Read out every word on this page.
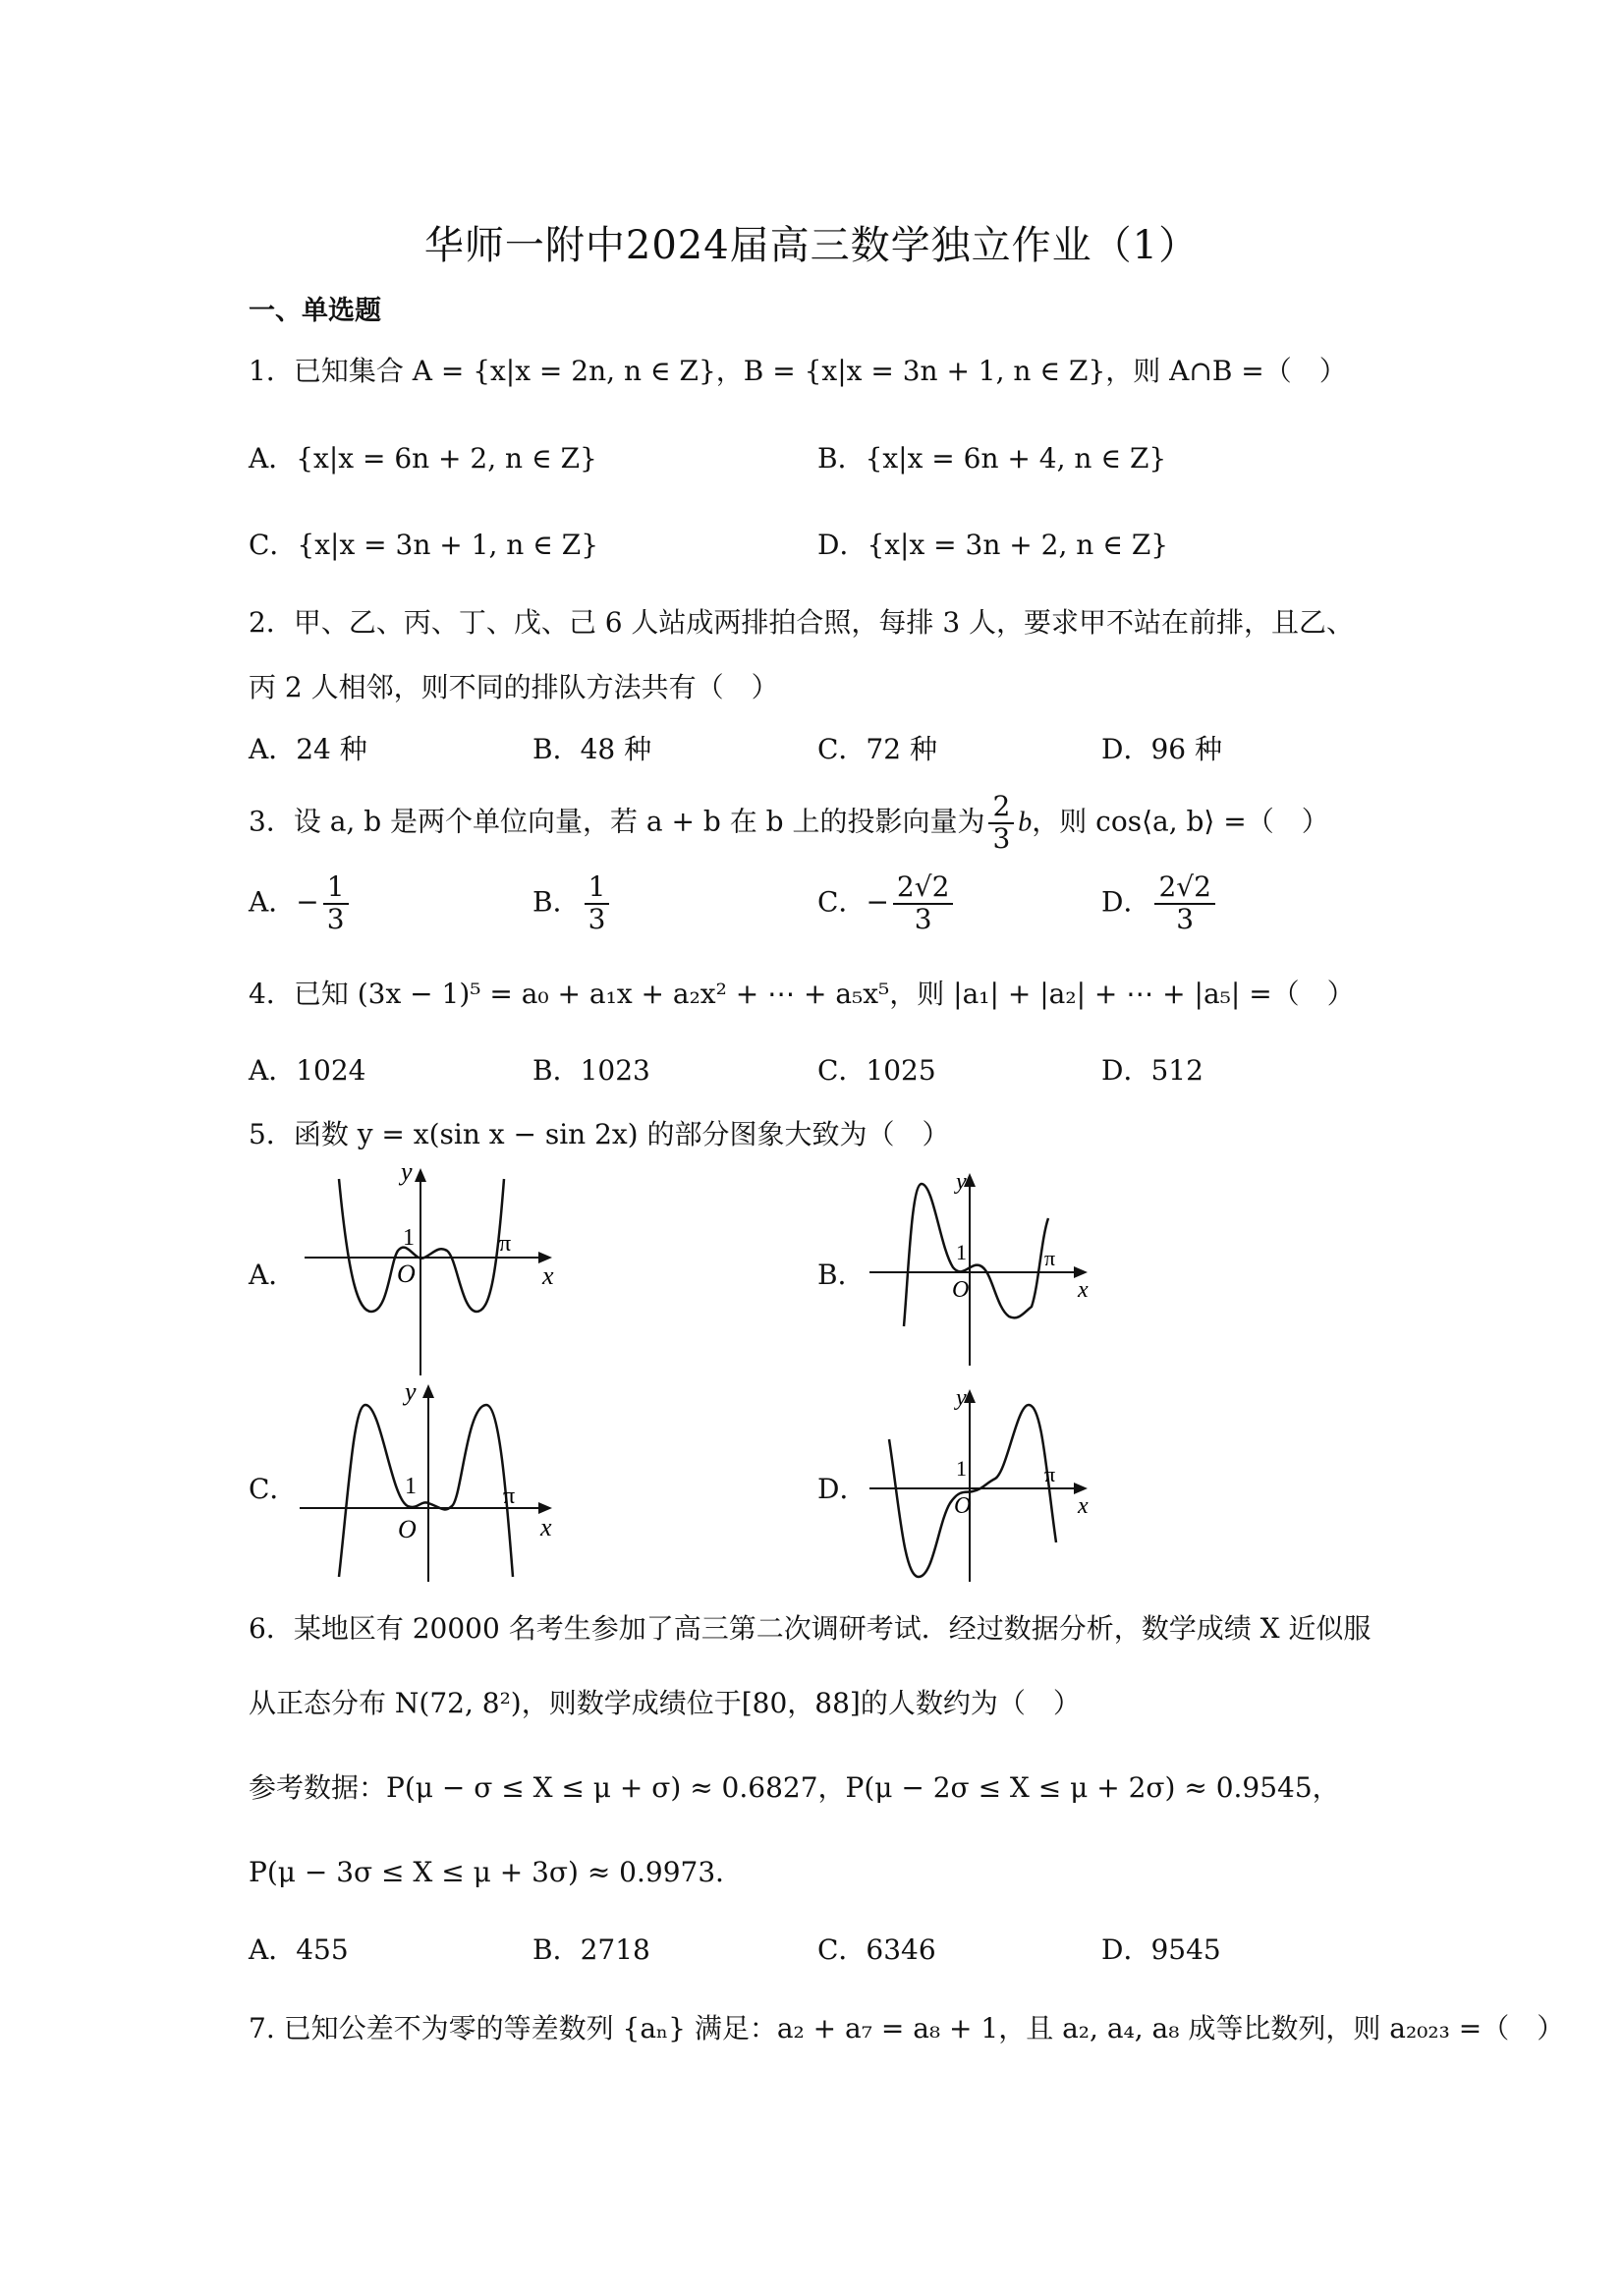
华师一附中2024届高三数学独立作业（1）
一、单选题
1．已知集合 A = {x|x = 2n, n ∈ Z}，B = {x|x = 3n + 1, n ∈ Z}，则 A∩B =（　）
A．{x|x = 6n + 2, n ∈ Z}	B．{x|x = 6n + 4, n ∈ Z}
C．{x|x = 3n + 1, n ∈ Z}	D．{x|x = 3n + 2, n ∈ Z}
2．甲、乙、丙、丁、戊、己 6 人站成两排拍合照，每排 3 人，要求甲不站在前排，且乙、
丙 2 人相邻，则不同的排队方法共有（　）
A．24 种	B．48 种	C．72 种	D．96 种
3．设 a, b 是两个单位向量，若 a + b 在 b 上的投影向量为 $\frac{2}{3}$ b，则 cos⟨a, b⟩ =（　）
A．− $\frac{1}{3}$	B． $\frac{1}{3}$	C．− $\frac{2√2}{3}$	D． $\frac{2√2}{3}$
4．已知 (3x − 1)⁵ = a₀ + a₁x + a₂x² + ⋯ + a₅x⁵，则 |a₁| + |a₂| + ⋯ + |a₅| =（　）
A．1024	B．1023	C．1025	D．512
5．函数 y = x(sin x − sin 2x) 的部分图象大致为（　）
A．	B．
C．	D．
y
x
O
1	π
y
x
O
1	π
y
x
O
1	π
y
x
O
1	π
6．某地区有 20000 名考生参加了高三第二次调研考试．经过数据分析，数学成绩 X 近似服
从正态分布 N(72, 8²)，则数学成绩位于[80，88]的人数约为（　）
参考数据：P(μ − σ ≤ X ≤ μ + σ) ≈ 0.6827，P(μ − 2σ ≤ X ≤ μ + 2σ) ≈ 0.9545，
P(μ − 3σ ≤ X ≤ μ + 3σ) ≈ 0.9973．
A．455	B．2718	C．6346	D．9545
7. 已知公差不为零的等差数列 {aₙ} 满足：a₂ + a₇ = a₈ + 1，且 a₂, a₄, a₈ 成等比数列，则 a₂₀₂₃ =（　）
